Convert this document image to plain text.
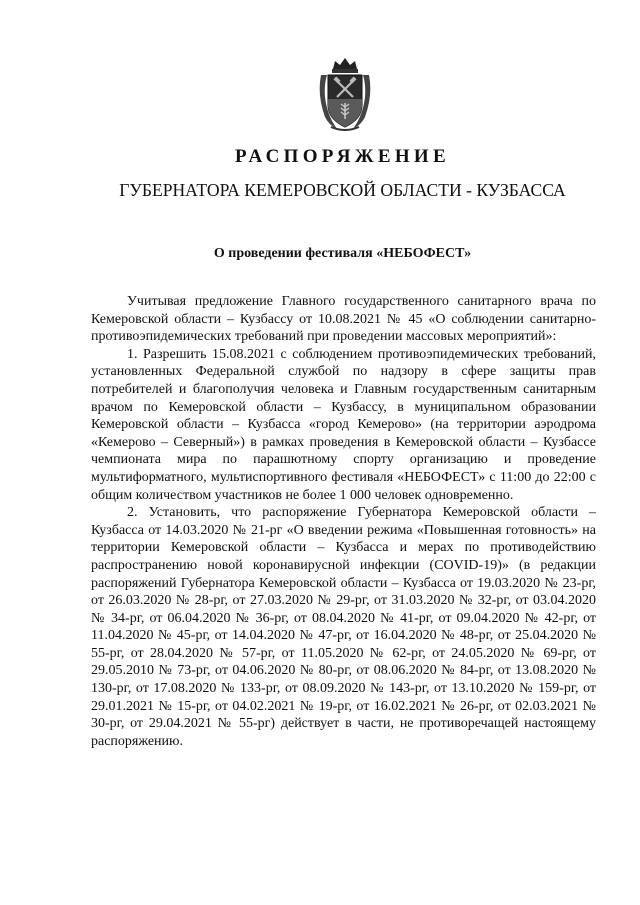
РАСПОРЯЖЕНИЕ
ГУБЕРНАТОРА КЕМЕРОВСКОЙ ОБЛАСТИ - КУЗБАССА
О проведении фестиваля «НЕБОФЕСТ»

Учитывая предложение Главного государственного санитарного врача по Кемеровской области – Кузбассу от 10.08.2021 № 45 «О соблюдении санитарно-противоэпидемических требований при проведении массовых мероприятий»:

1. Разрешить 15.08.2021 с соблюдением противоэпидемических требований, установленных Федеральной службой по надзору в сфере защиты прав потребителей и благополучия человека и Главным государственным санитарным врачом по Кемеровской области – Кузбассу, в муниципальном образовании Кемеровской области – Кузбасса «город Кемерово» (на территории аэродрома «Кемерово – Северный») в рамках проведения в Кемеровской области – Кузбассе чемпионата мира по парашютному спорту организацию и проведение мультиформатного, мультиспортивного фестиваля «НЕБОФЕСТ» с 11:00 до 22:00 с общим количеством участников не более 1 000 человек одновременно.

2. Установить, что распоряжение Губернатора Кемеровской области – Кузбасса от 14.03.2020 № 21-рг «О введении режима «Повышенная готовность» на территории Кемеровской области – Кузбасса и мерах по противодействию распространению новой коронавирусной инфекции (COVID-19)» (в редакции распоряжений Губернатора Кемеровской области – Кузбасса от 19.03.2020 № 23-рг, от 26.03.2020 № 28-рг, от 27.03.2020 № 29-рг, от 31.03.2020 № 32-рг, от 03.04.2020 № 34-рг, от 06.04.2020 № 36-рг, от 08.04.2020 № 41-рг, от 09.04.2020 № 42-рг, от 11.04.2020 № 45-рг, от 14.04.2020 № 47-рг, от 16.04.2020 № 48-рг, от 25.04.2020 № 55-рг, от 28.04.2020 № 57-рг, от 11.05.2020 № 62-рг, от 24.05.2020 № 69-рг, от 29.05.2010 № 73-рг, от 04.06.2020 № 80-рг, от 08.06.2020 № 84-рг, от 13.08.2020 № 130-рг, от 17.08.2020 № 133-рг, от 08.09.2020 № 143-рг, от 13.10.2020 № 159-рг, от 29.01.2021 № 15-рг, от 04.02.2021 № 19-рг, от 16.02.2021 № 26-рг, от 02.03.2021 № 30-рг, от 29.04.2021 № 55-рг) действует в части, не противоречащей настоящему распоряжению.
